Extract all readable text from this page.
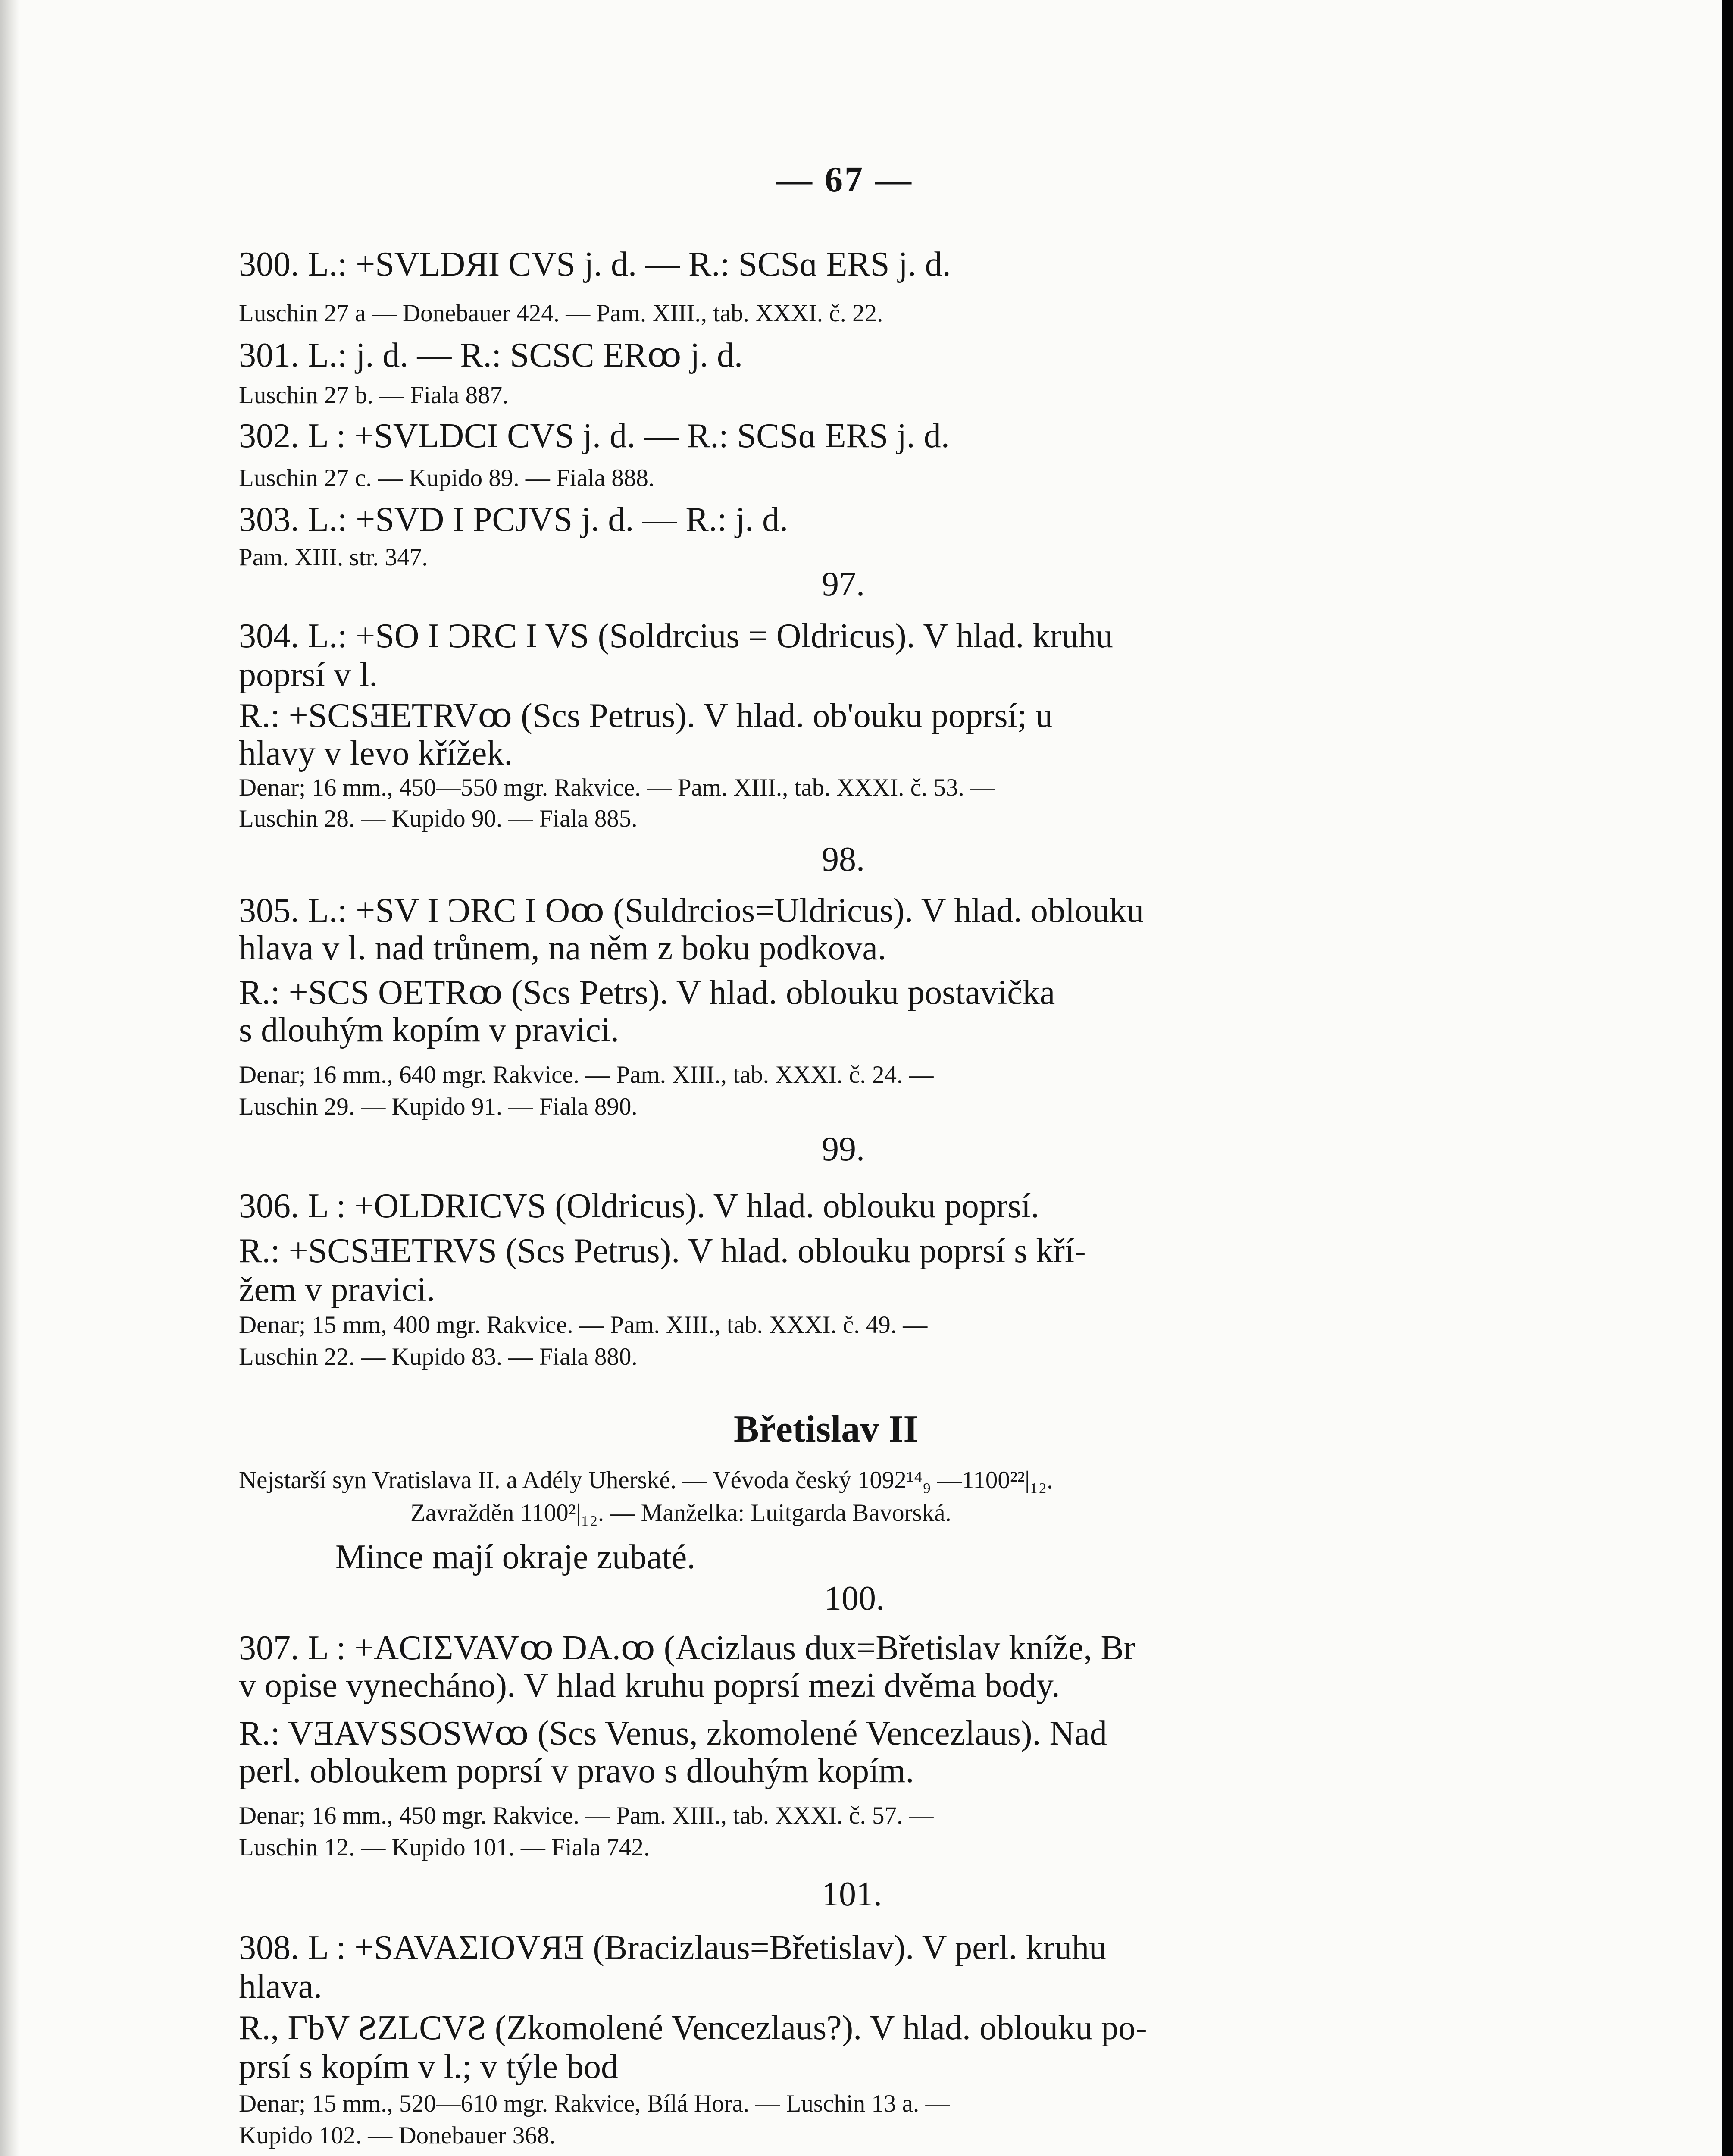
— 67 —

300. L.: +SVLDЯI CVS j. d. — R.: SCSɑ ERS j. d.

Luschin 27 a — Donebauer 424. — Pam. XIII., tab. XXXI. č. 22.

301. L.: j. d. — R.: SCSC ERꝏ j. d.

Luschin 27 b. — Fiala 887.

302. L : +SVLDCI CVS j. d. — R.: SCSɑ ERS j. d.

Luschin 27 c. — Kupido 89. — Fiala 888.

303. L.: +SVD I PCJVS j. d. — R.: j. d.

Pam. XIII. str. 347.

97.

304. L.: +SO I ƆRC I VS (Soldrcius = Oldricus). V hlad. kruhu

poprsí v l.

R.: +SCSƎETRVꝏ (Scs Petrus). V hlad. ob'ouku poprsí; u

hlavy v levo křížek.

Denar; 16 mm., 450—550 mgr. Rakvice. — Pam. XIII., tab. XXXI. č. 53. —

Luschin 28. — Kupido 90. — Fiala 885.

98.

305. L.: +SV I ƆRC I Oꝏ (Suldrcios=Uldricus). V hlad. oblouku

hlava v l. nad trůnem, na něm z boku podkova.

R.: +SCS OETRꝏ (Scs Petrs). V hlad. oblouku postavička

s dlouhým kopím v pravici.

Denar; 16 mm., 640 mgr. Rakvice. — Pam. XIII., tab. XXXI. č. 24. —

Luschin 29. — Kupido 91. — Fiala 890.

99.

306. L : +OLDRICVS (Oldricus). V hlad. oblouku poprsí.

R.: +SCSƎETRVS (Scs Petrus). V hlad. oblouku poprsí s kří-

žem v pravici.

Denar; 15 mm, 400 mgr. Rakvice. — Pam. XIII., tab. XXXI. č. 49. —

Luschin 22. — Kupido 83. — Fiala 880.

Břetislav II

Nejstarší syn Vratislava II. a Adély Uherské. — Vévoda český 1092¹⁴₉ —1100²²|₁₂.

Zavražděn 1100²|₁₂. — Manželka: Luitgarda Bavorská.

Mince mají okraje zubaté.

100.

307. L : +ACIΣVAVꝏ DA.ꝏ (Acizlaus dux=Břetislav kníže, Br

v opise vynecháno). V hlad kruhu poprsí mezi dvěma body.

R.: VƎAVSSOSWꝏ (Scs Venus, zkomolené Vencezlaus). Nad

perl. obloukem poprsí v pravo s dlouhým kopím.

Denar; 16 mm., 450 mgr. Rakvice. — Pam. XIII., tab. XXXI. č. 57. —

Luschin 12. — Kupido 101. — Fiala 742.

101.

308. L : +SAVAΣIOVЯƎ (Bracizlaus=Břetislav). V perl. kruhu

hlava.

R., ΓbV ƧZLCVƧ (Zkomolené Vencezlaus?). V hlad. oblouku po-

prsí s kopím v l.; v týle bod

Denar; 15 mm., 520—610 mgr. Rakvice, Bílá Hora. — Luschin 13 a. —

Kupido 102. — Donebauer 368.
